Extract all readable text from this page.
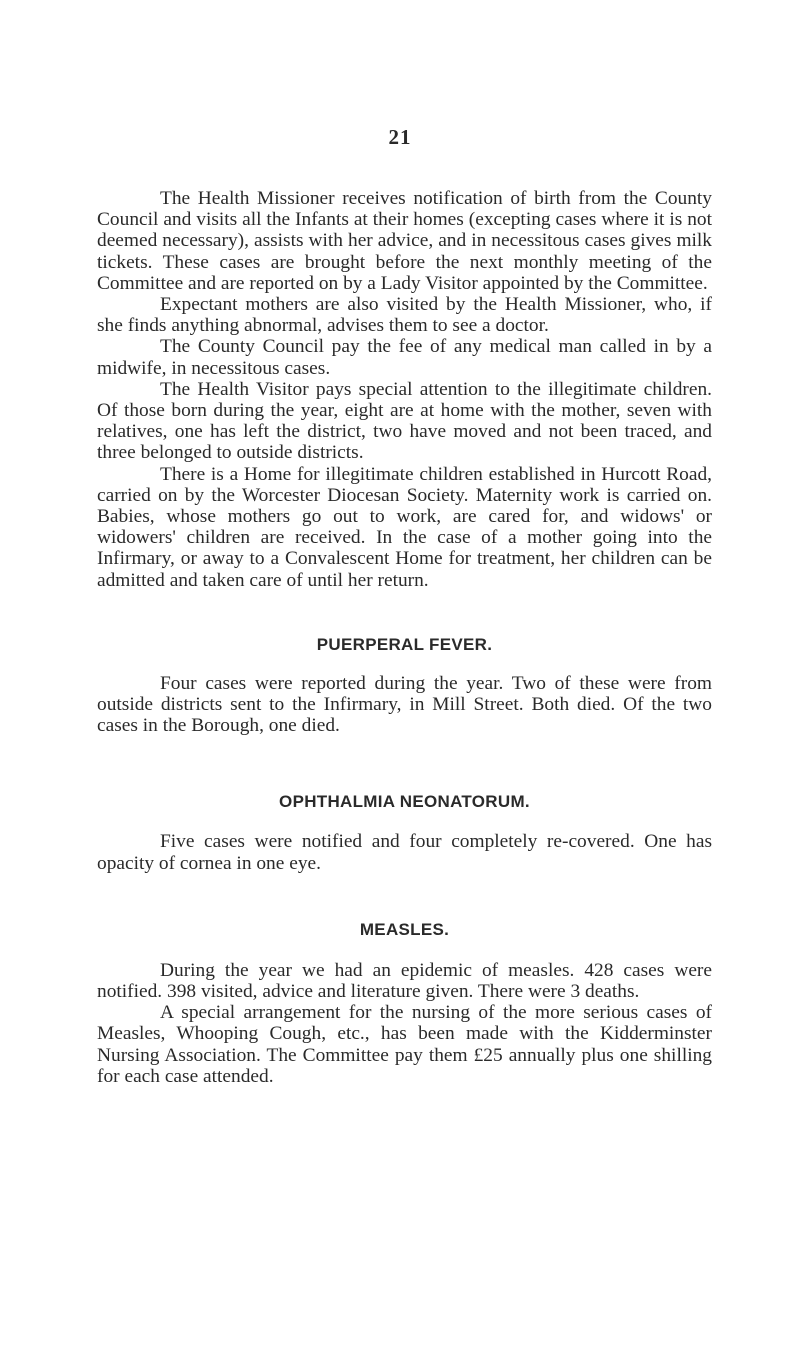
21

The Health Missioner receives notification of birth from the County Council and visits all the Infants at their homes (excepting cases where it is not deemed necessary), assists with her advice, and in necessitous cases gives milk tickets. These cases are brought before the next monthly meeting of the Committee and are reported on by a Lady Visitor appointed by the Committee.

Expectant mothers are also visited by the Health Missioner, who, if she finds anything abnormal, advises them to see a doctor.

The County Council pay the fee of any medical man called in by a midwife, in necessitous cases.

The Health Visitor pays special attention to the illegitimate children. Of those born during the year, eight are at home with the mother, seven with relatives, one has left the district, two have moved and not been traced, and three belonged to outside districts.

There is a Home for illegitimate children established in Hurcott Road, carried on by the Worcester Diocesan Society. Maternity work is carried on. Babies, whose mothers go out to work, are cared for, and widows' or widowers' children are received. In the case of a mother going into the Infirmary, or away to a Convalescent Home for treatment, her children can be admitted and taken care of until her return.

PUERPERAL FEVER.

Four cases were reported during the year. Two of these were from outside districts sent to the Infirmary, in Mill Street. Both died. Of the two cases in the Borough, one died.

OPHTHALMIA NEONATORUM.

Five cases were notified and four completely re-covered. One has opacity of cornea in one eye.

MEASLES.

During the year we had an epidemic of measles. 428 cases were notified. 398 visited, advice and literature given. There were 3 deaths.

A special arrangement for the nursing of the more serious cases of Measles, Whooping Cough, etc., has been made with the Kidderminster Nursing Association. The Committee pay them £25 annually plus one shilling for each case attended.
